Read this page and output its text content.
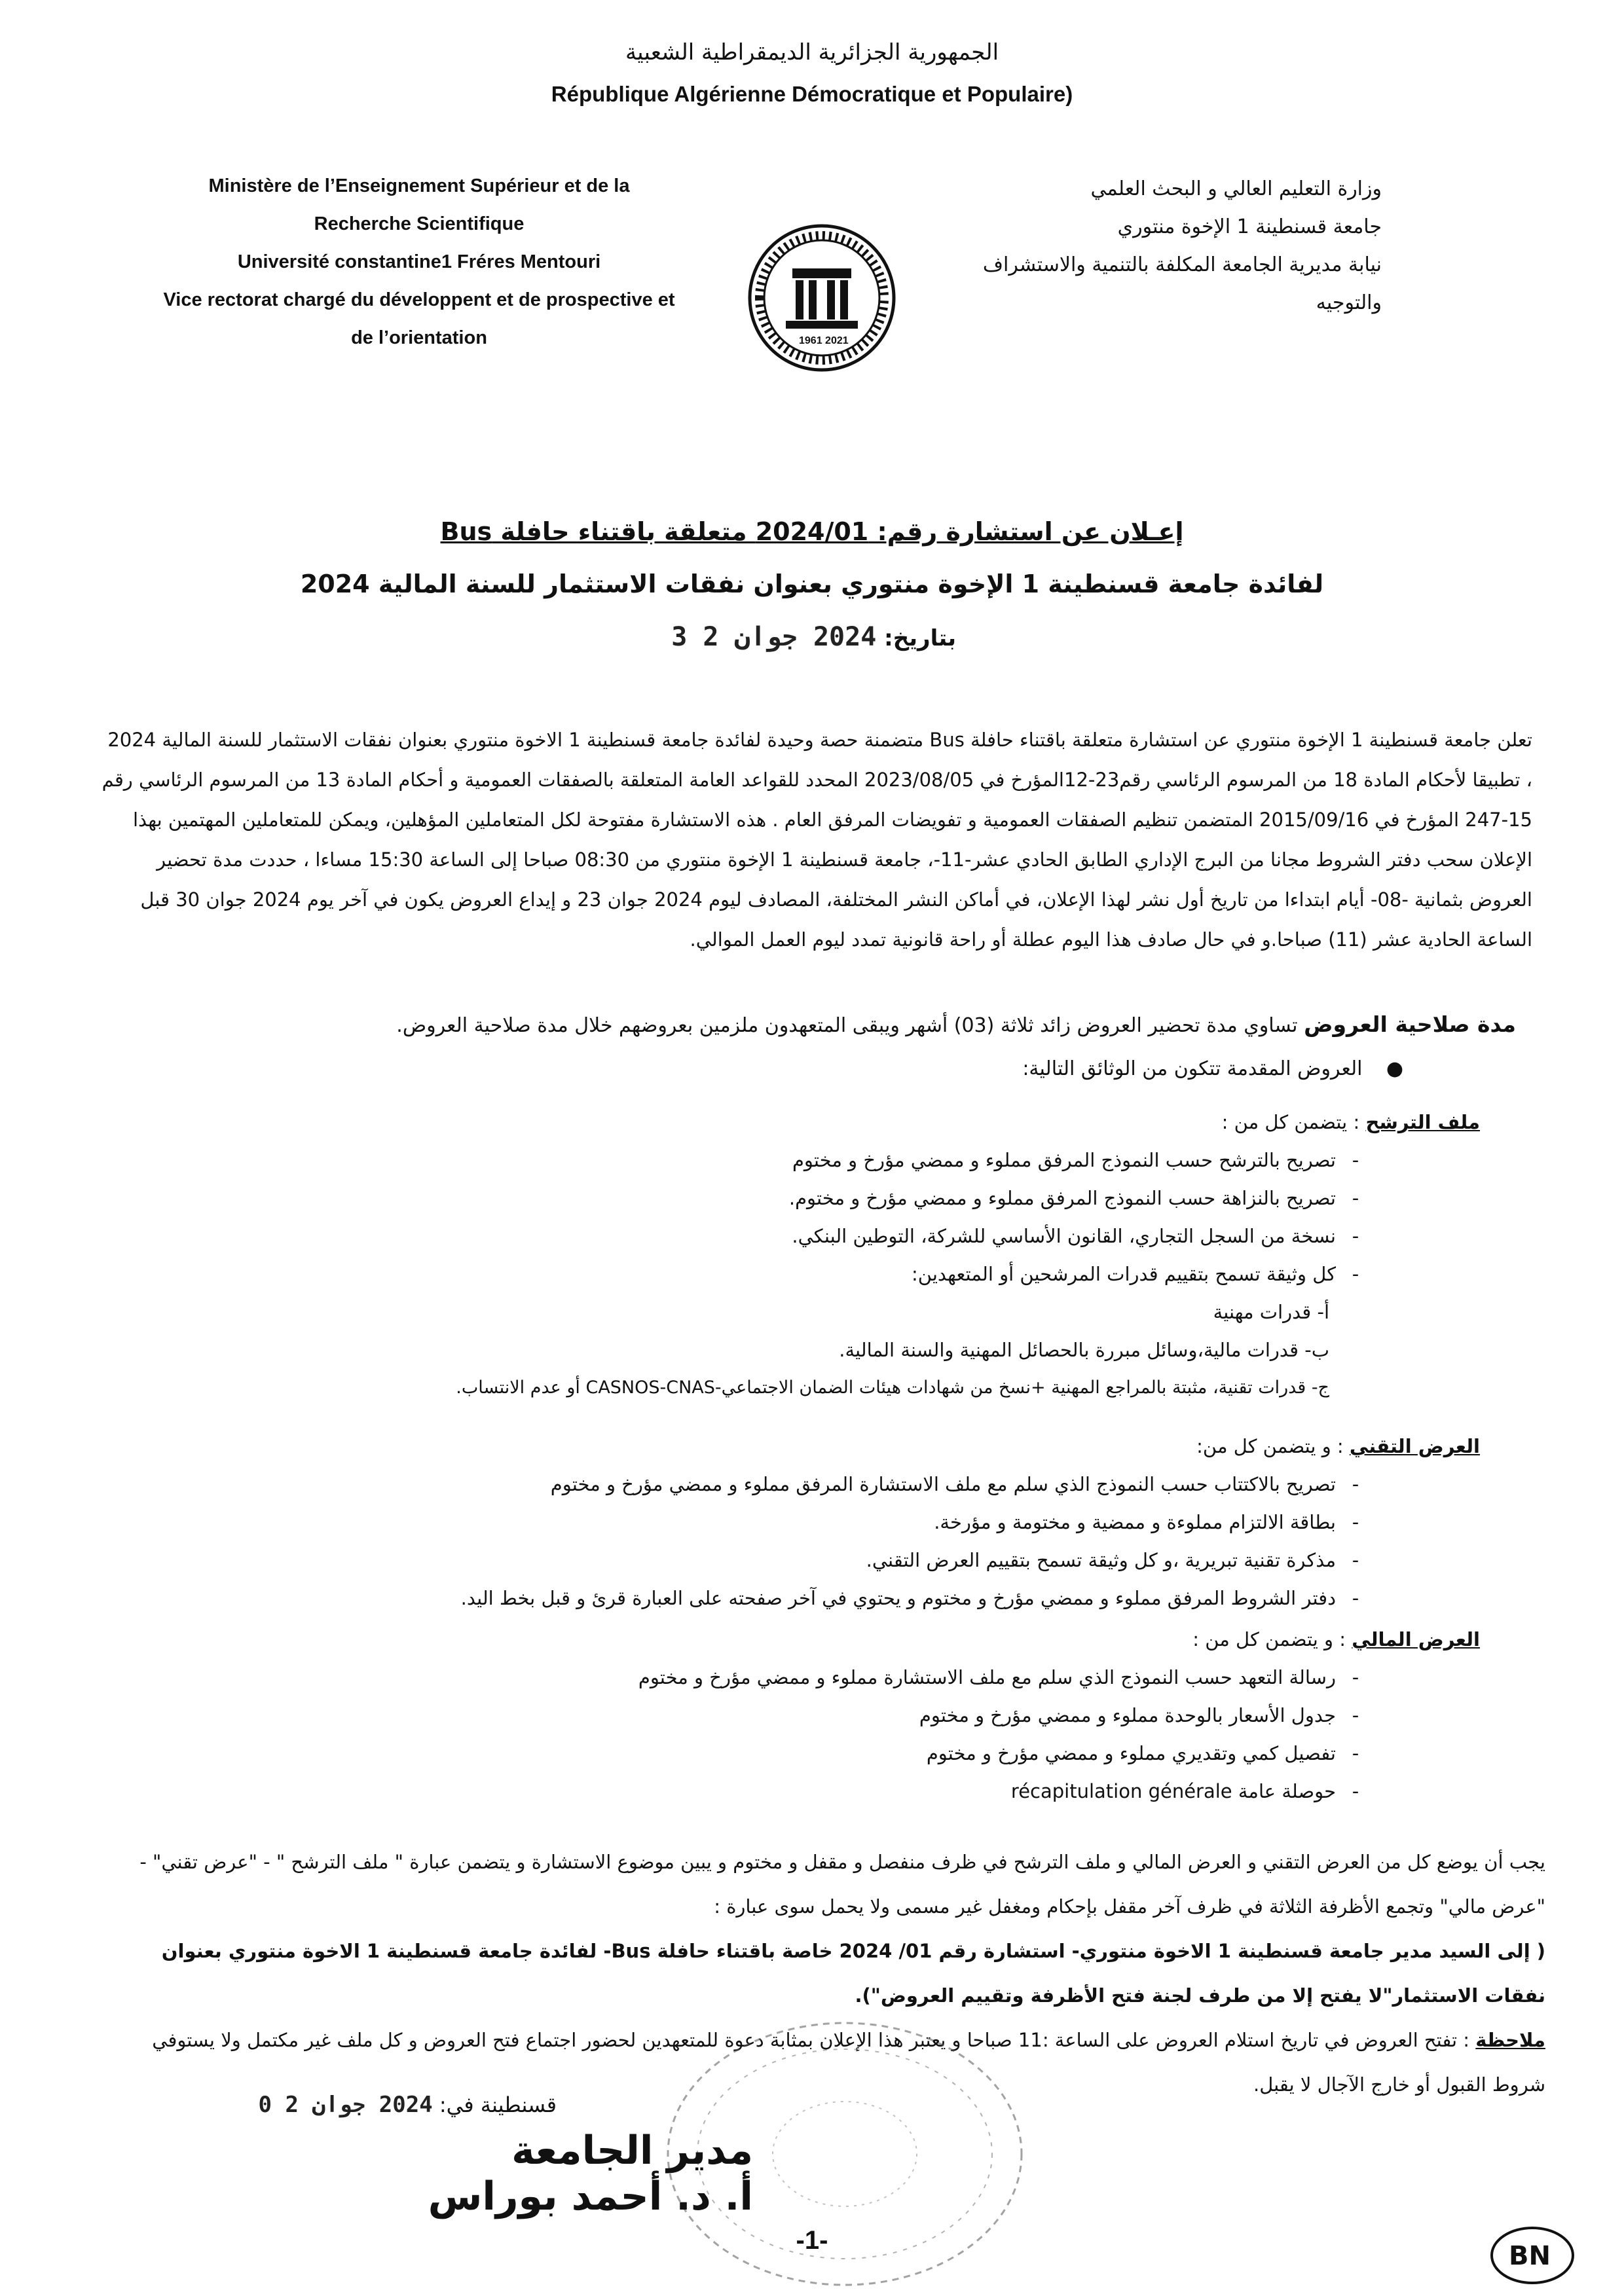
الجمهورية الجزائرية الديمقراطية الشعبية
République Algérienne Démocratique et Populaire)
Ministère de l’Enseignement Supérieur et de la
Recherche Scientifique
Université constantine1 Fréres Mentouri
Vice rectorat chargé du développent et de prospective et
de l’orientation
وزارة التعليم العالي و البحث العلمي
جامعة قسنطينة 1 الإخوة منتوري
نيابة مديرية الجامعة المكلفة بالتنمية والاستشراف
والتوجيه
1961 2021
إعـلان عن استشارة رقم: 2024/01 متعلقة باقتناء حافلة Bus
لفائدة جامعة قسنطينة 1 الإخوة منتوري بعنوان نفقات الاستثمار للسنة المالية 2024
بتاريخ: 2024 جوان 2 3
تعلن جامعة قسنطينة 1 الإخوة منتوري عن استشارة متعلقة باقتناء حافلة Bus متضمنة حصة وحيدة لفائدة جامعة قسنطينة 1 الاخوة منتوري بعنوان نفقات الاستثمار للسنة المالية 2024 ، تطبيقا لأحكام المادة 18 من المرسوم الرئاسي رقم23-12المؤرخ في 2023/08/05 المحدد للقواعد العامة المتعلقة بالصفقات العمومية و أحكام المادة 13 من المرسوم الرئاسي رقم 15-247 المؤرخ في 2015/09/16 المتضمن تنظيم الصفقات العمومية و تفويضات المرفق العام . هذه الاستشارة مفتوحة لكل المتعاملين المؤهلين، ويمكن للمتعاملين المهتمين بهذا الإعلان سحب دفتر الشروط مجانا من البرج الإداري الطابق الحادي عشر-11-، جامعة قسنطينة 1 الإخوة منتوري من 08:30 صباحا إلى الساعة 15:30 مساءا ، حددت مدة تحضير العروض بثمانية -08- أيام ابتداءا من تاريخ أول نشر لهذا الإعلان، في أماكن النشر المختلفة، المصادف ليوم 2024 جوان 23 و إيداع العروض يكون في آخر يوم 2024 جوان 30 قبل الساعة الحادية عشر (11) صباحا.و في حال صادف هذا اليوم عطلة أو راحة قانونية تمدد ليوم العمل الموالي.
مدة صلاحية العروض تساوي مدة تحضير العروض زائد ثلاثة (03) أشهر ويبقى المتعهدون ملزمين بعروضهم خلال مدة صلاحية العروض.
● العروض المقدمة تتكون من الوثائق التالية:
ملف الترشح : يتضمن كل من :
-تصريح بالترشح حسب النموذج المرفق مملوء و ممضي مؤرخ و مختوم
-تصريح بالنزاهة حسب النموذج المرفق مملوء و ممضي مؤرخ و مختوم.
-نسخة من السجل التجاري، القانون الأساسي للشركة، التوطين البنكي.
-كل وثيقة تسمح بتقييم قدرات المرشحين أو المتعهدين:
أ- قدرات مهنية
ب- قدرات مالية،وسائل مبررة بالحصائل المهنية والسنة المالية.
ج- قدرات تقنية، مثبتة بالمراجع المهنية +نسخ من شهادات هيئات الضمان الاجتماعي-CASNOS-CNAS أو عدم الانتساب.
العرض التقني : و يتضمن كل من:
-تصريح بالاكتتاب حسب النموذج الذي سلم مع ملف الاستشارة المرفق مملوء و ممضي مؤرخ و مختوم
-بطاقة الالتزام مملوءة و ممضية و مختومة و مؤرخة.
-مذكرة تقنية تبريرية ،و كل وثيقة تسمح بتقييم العرض التقني.
-دفتر الشروط المرفق مملوء و ممضي مؤرخ و مختوم و يحتوي في آخر صفحته على العبارة قرئ و قبل بخط اليد.
العرض المالي : و يتضمن كل من :
-رسالة التعهد حسب النموذج الذي سلم مع ملف الاستشارة مملوء و ممضي مؤرخ و مختوم
-جدول الأسعار بالوحدة مملوء و ممضي مؤرخ و مختوم
-تفصيل كمي وتقديري مملوء و ممضي مؤرخ و مختوم
-حوصلة عامة récapitulation générale
يجب أن يوضع كل من العرض التقني و العرض المالي و ملف الترشح في ظرف منفصل و مقفل و مختوم و يبين موضوع الاستشارة و يتضمن عبارة " ملف الترشح " - "عرض تقني" - "عرض مالي" وتجمع الأظرفة الثلاثة في ظرف آخر مقفل بإحكام ومغفل غير مسمى ولا يحمل سوى عبارة :
( إلى السيد مدير جامعة قسنطينة 1 الاخوة منتوري- استشارة رقم 01/ 2024 خاصة باقتناء حافلة Bus- لفائدة جامعة قسنطينة 1 الاخوة منتوري بعنوان نفقات الاستثمار"لا يفتح إلا من طرف لجنة فتح الأظرفة وتقييم العروض").
ملاحظة : تفتح العروض في تاريخ استلام العروض على الساعة :11 صباحا و يعتبر هذا الإعلان بمثابة دعوة للمتعهدين لحضور اجتماع فتح العروض و كل ملف غير مكتمل ولا يستوفي شروط القبول أو خارج الآجال لا يقبل.
قسنطينة في: 2024 جوان 2 0
مدير الجامعة
أ. د. أحمد بوراس
-1-
BN
